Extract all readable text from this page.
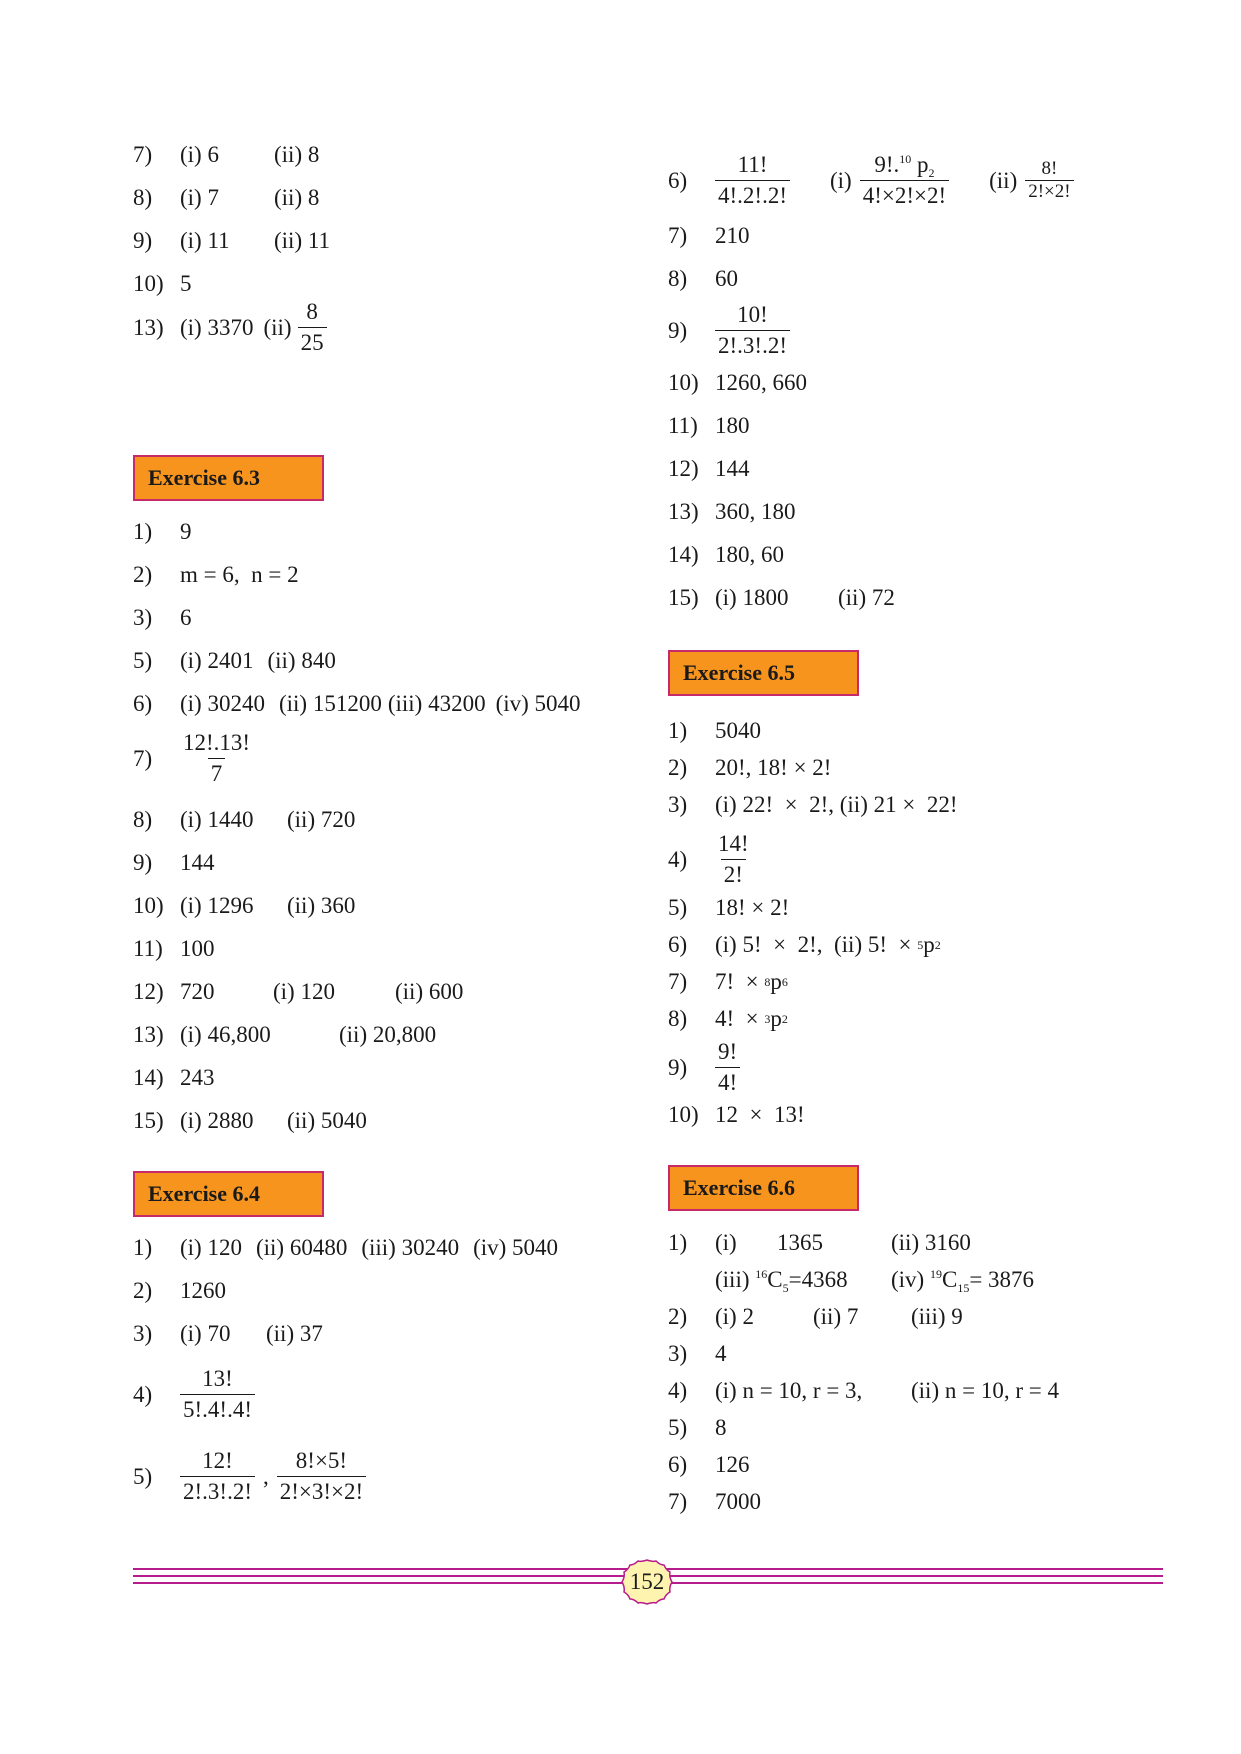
7)	(i) 6	(ii) 8
8)	(i) 7	(ii) 8
9)	(i) 11	(ii) 11
10) 5
13) (i) 3370 $(ii) \frac{8}{25}$
Exercise 6.3
1)	9
2)	m = 6,  n = 2
3)	6
5)	(i) 2401 (ii) 840
6)	(i) 30240 (ii) 151200 (iii) 43200 (iv) 5040
7)	$\frac{12!.13!}{7}$
8)	(i) 1440	(ii) 720
9)	144
10) (i) 1296	(ii) 360
11) 100
12) 720	(i) 120	(ii) 600
13) (i) 46,800	(ii) 20,800
14) 243
15) (i) 2880	(ii) 5040
Exercise 6.4
1)	(i) 120 (ii) 60480 (iii) 30240 (iv) 5040
2)	1260
3)	(i) 70	(ii) 37
4)	$\frac{13!}{5!.4!.4!}$
5)	$\frac{12!}{2!.3!.2!}$ , $\frac{8!\times 5!}{2!\times 3!\times 2!}$
6)	$\frac{11!}{4!.2!.2!} (i) \frac{9!.^{10} p_2}{4!\times 2!\times 2!} (ii) \frac{8!}{2!\times 2!}$
7)	210
8)	60
9)	$\frac{10!}{2!.3!.2!}$
10) 1260, 660
11) 180
12) 144
13) 360, 180
14) 180, 60
15) (i) 1800	(ii) 72
Exercise 6.5
1)	5040
2)	20!, 18! × 2!
3)	(i) 22!  ×  2!, (ii) 21 ×  22!
4)	$\frac{14!}{2!}$
5)	18! × 2!
6)	(i) 5!  ×  2!,  (ii) 5!  × 5 p 2
7)	7!  × 8 p 6
8)	4!  × 3 p 2
9)	$\frac{9!}{4!}$
10) 12  ×  13!
Exercise 6.6
1)	(i)	1365	(ii) 3160
(iii) $^{16}C_5=4368$	(iv) $^{19}C_{15}= 3876$
2)	(i) 2	(ii) 7	(iii) 9
3)	4
4)	(i) n = 10, r = 3,	(ii) n = 10, r = 4
5)	8
6)	126
7)	7000
152
